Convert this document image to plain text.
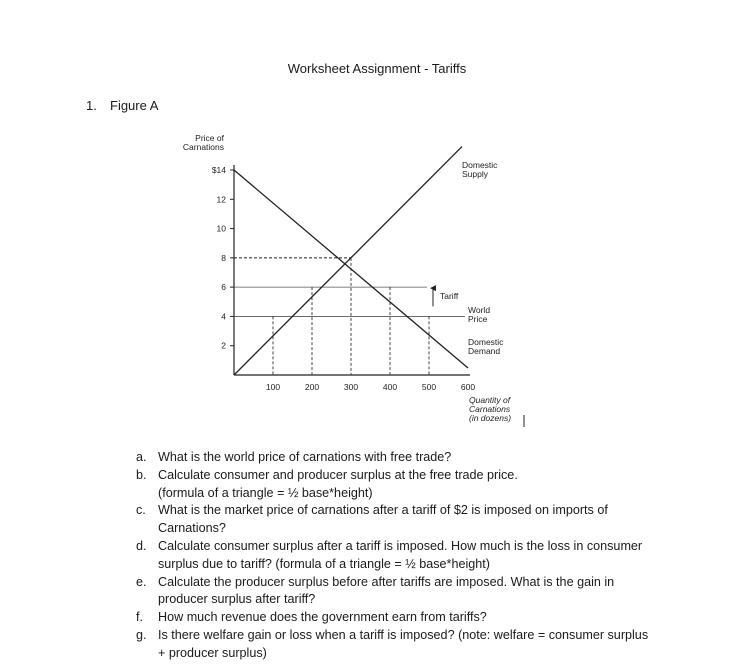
Worksheet Assignment - Tariffs
1. Figure A
Price of
Carnations
$14
12
10
8
6
4
2
100	200	300	400	500	600
Quantity of
Carnations
(in dozens)
Domestic
Supply
Domestic
Demand
World
Price
Tariff
a. What is the world price of carnations with free trade?
b. Calculate consumer and producer surplus at the free trade price.
(formula of a triangle = ½ base*height)
c. What is the market price of carnations after a tariff of $2 is imposed on imports of
Carnations?
d. Calculate consumer surplus after a tariff is imposed. How much is the loss in consumer
surplus due to tariff? (formula of a triangle = ½ base*height)
e. Calculate the producer surplus before after tariffs are imposed. What is the gain in
producer surplus after tariff?
f. How much revenue does the government earn from tariffs?
g. Is there welfare gain or loss when a tariff is imposed? (note: welfare = consumer surplus
+ producer surplus)
